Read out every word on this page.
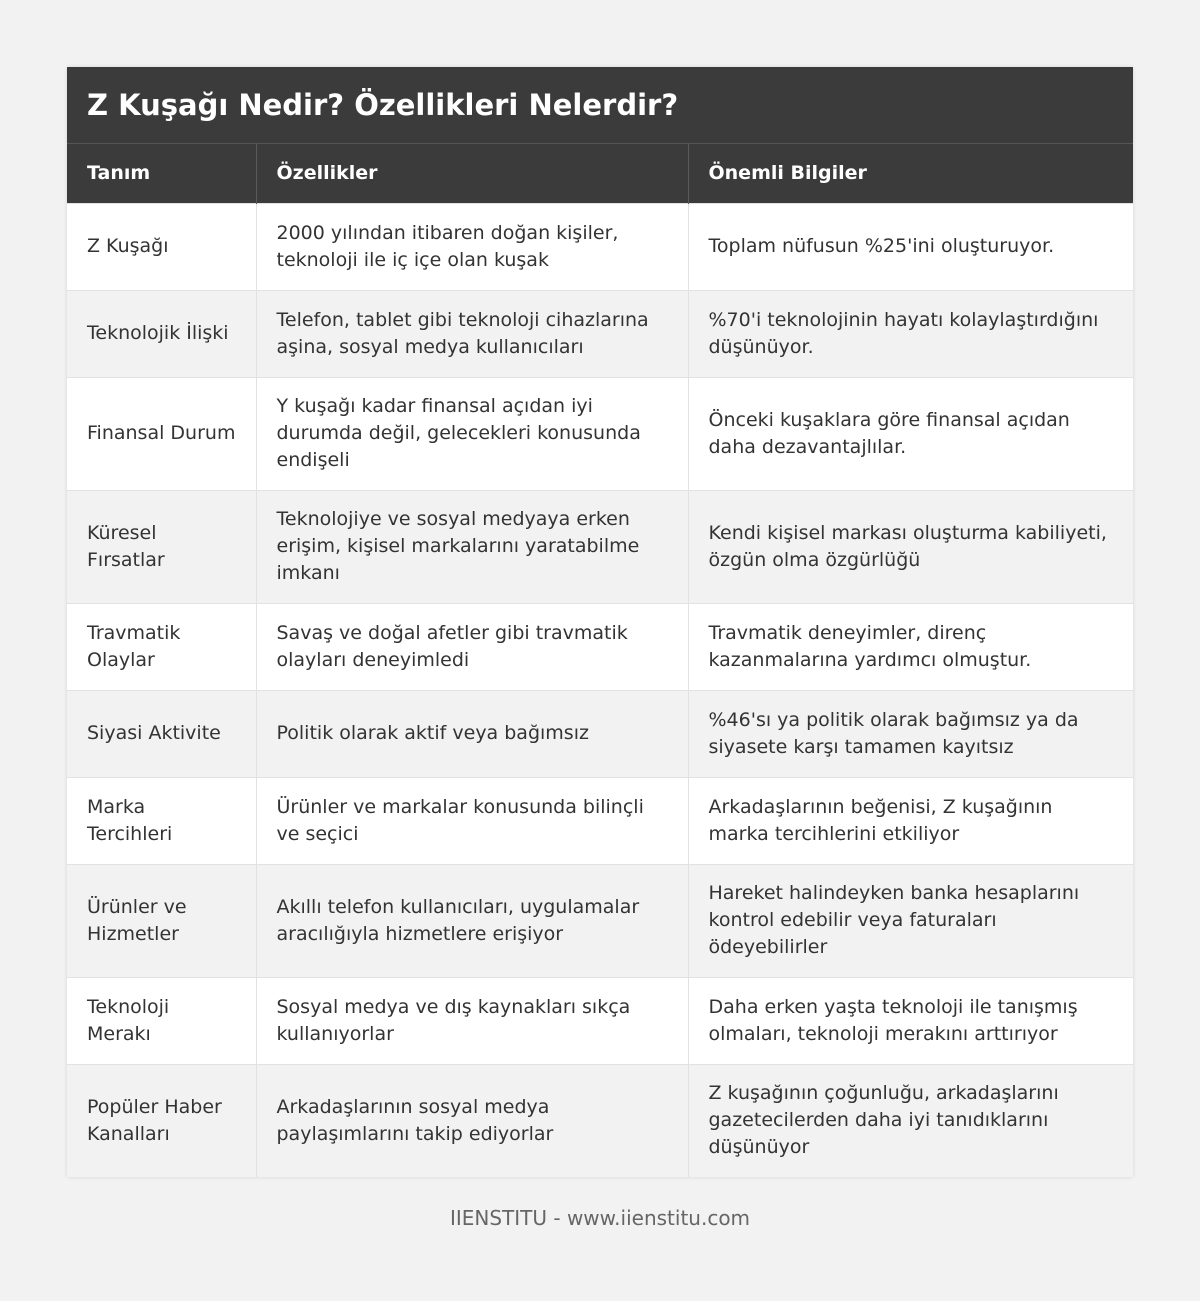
Z Kuşağı Nedir? Özellikleri Nelerdir?
Tanım	Özellikler	Önemli Bilgiler
Z Kuşağı	2000 yılından itibaren doğan kişiler, teknoloji ile iç içe olan kuşak	Toplam nüfusun %25'ini oluşturuyor.
Teknolojik İlişki	Telefon, tablet gibi teknoloji cihazlarına aşina, sosyal medya kullanıcıları	%70'i teknolojinin hayatı kolaylaştırdığını düşünüyor.
Finansal Durum	Y kuşağı kadar finansal açıdan iyi durumda değil, gelecekleri konusunda endişeli	Önceki kuşaklara göre finansal açıdan daha dezavantajlılar.
Küresel Fırsatlar	Teknolojiye ve sosyal medyaya erken erişim, kişisel markalarını yaratabilme imkanı	Kendi kişisel markası oluşturma kabiliyeti, özgün olma özgürlüğü
Travmatik Olaylar	Savaş ve doğal afetler gibi travmatik olayları deneyimledi	Travmatik deneyimler, direnç kazanmalarına yardımcı olmuştur.
Siyasi Aktivite	Politik olarak aktif veya bağımsız	%46'sı ya politik olarak bağımsız ya da siyasete karşı tamamen kayıtsız
Marka Tercihleri	Ürünler ve markalar konusunda bilinçli ve seçici	Arkadaşlarının beğenisi, Z kuşağının marka tercihlerini etkiliyor
Ürünler ve Hizmetler	Akıllı telefon kullanıcıları, uygulamalar aracılığıyla hizmetlere erişiyor	Hareket halindeyken banka hesaplarını kontrol edebilir veya faturaları ödeyebilirler
Teknoloji Merakı	Sosyal medya ve dış kaynakları sıkça kullanıyorlar	Daha erken yaşta teknoloji ile tanışmış olmaları, teknoloji merakını arttırıyor
Popüler Haber Kanalları	Arkadaşlarının sosyal medya paylaşımlarını takip ediyorlar	Z kuşağının çoğunluğu, arkadaşlarını gazetecilerden daha iyi tanıdıklarını düşünüyor
IIENSTITU - www.iienstitu.com
